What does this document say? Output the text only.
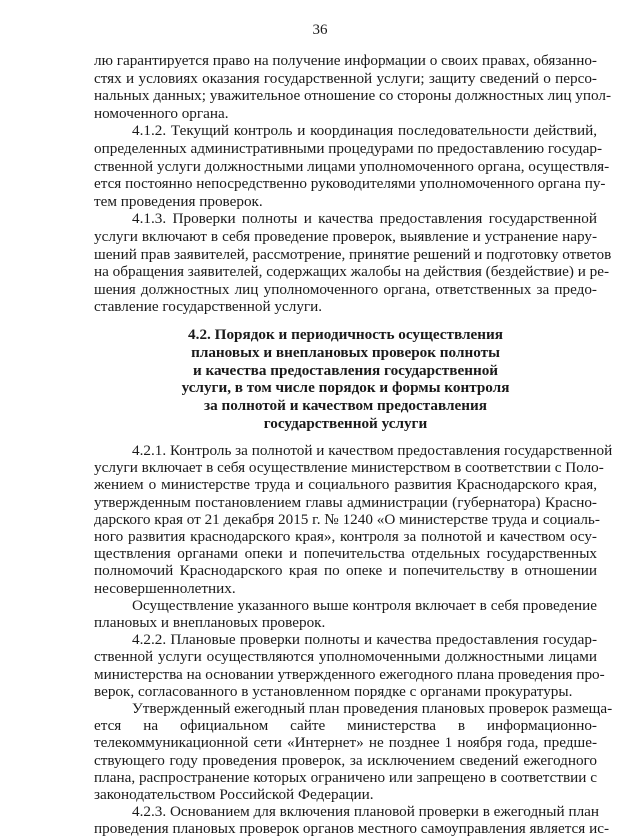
36
лю гарантируется право на получение информации о своих правах, обязанно-
стях и условиях оказания государственной услуги; защиту сведений о персо-
нальных данных; уважительное отношение со стороны должностных лиц упол-
номоченного органа.
4.1.2. Текущий контроль и координация последовательности действий,
определенных административными процедурами по предоставлению государ-
ственной услуги должностными лицами уполномоченного органа, осуществля-
ется постоянно непосредственно руководителями уполномоченного органа пу-
тем проведения проверок.
4.1.3. Проверки полноты и качества предоставления государственной
услуги включают в себя проведение проверок, выявление и устранение нару-
шений прав заявителей, рассмотрение, принятие решений и подготовку ответов
на обращения заявителей, содержащих жалобы на действия (бездействие) и ре-
шения должностных лиц уполномоченного органа, ответственных за предо-
ставление государственной услуги.
4.2. Порядок и периодичность осуществления
плановых и внеплановых проверок полноты
и качества предоставления государственной
услуги, в том числе порядок и формы контроля
за полнотой и качеством предоставления
государственной услуги
4.2.1. Контроль за полнотой и качеством предоставления государственной
услуги включает в себя осуществление министерством в соответствии с Поло-
жением о министерстве труда и социального развития Краснодарского края,
утвержденным постановлением главы администрации (губернатора) Красно-
дарского края от 21 декабря 2015 г. № 1240 «О министерстве труда и социаль-
ного развития краснодарского края», контроля за полнотой и качеством осу-
ществления органами опеки и попечительства отдельных государственных
полномочий Краснодарского края по опеке и попечительству в отношении
несовершеннолетних.
Осуществление указанного выше контроля включает в себя проведение
плановых и внеплановых проверок.
4.2.2. Плановые проверки полноты и качества предоставления государ-
ственной услуги осуществляются уполномоченными должностными лицами
министерства на основании утвержденного ежегодного плана проведения про-
верок, согласованного в установленном порядке с органами прокуратуры.
Утвержденный ежегодный план проведения плановых проверок размеща-
ется на официальном сайте министерства в информационно-
телекоммуникационной сети «Интернет» не позднее 1 ноября года, предше-
ствующего году проведения проверок, за исключением сведений ежегодного
плана, распространение которых ограничено или запрещено в соответствии с
законодательством Российской Федерации.
4.2.3. Основанием для включения плановой проверки в ежегодный план
проведения плановых проверок органов местного самоуправления является ис-
